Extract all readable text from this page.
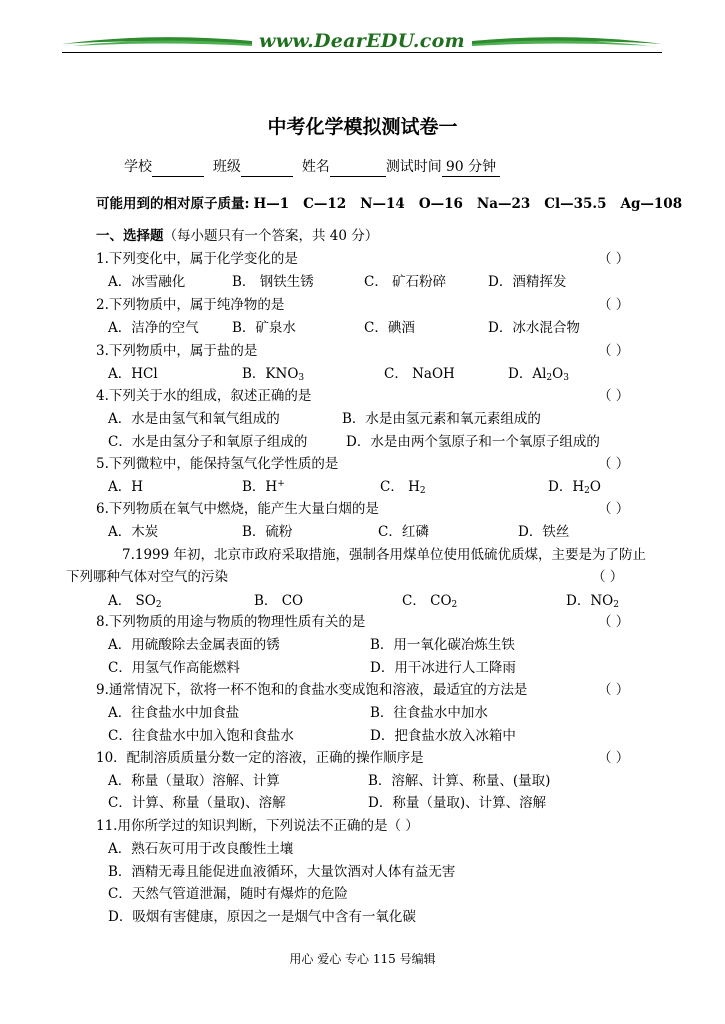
www.DearEDU.com
中考化学模拟测试卷一
学校	班级	姓名	测试时间 90 分钟
可能用到的相对原子质量: H—1 C—12 N—14 O—16 Na—23 Cl—35.5 Ag—108
一、选择题（每小题只有一个答案，共 40 分）
1.下列变化中，属于化学变化的是	（ ）
A．冰雪融化	B． 钢铁生锈	C． 矿石粉碎	D．酒精挥发
2.下列物质中，属于纯净物的是	（ ）
A．洁净的空气 B．矿泉水	C．碘酒	D．冰水混合物
3.下列物质中，属于盐的是	（ ）
A．HCl	B．$KNO_3$	C． NaOH	D．$Al_2O_3$
4.下列关于水的组成，叙述正确的是	（ ）
A．水是由氢气和氧气组成的	B．水是由氢元素和氧元素组成的
C．水是由氢分子和氧原子组成的	D．水是由两个氢原子和一个氧原子组成的
5.下列微粒中，能保持氢气化学性质的是	（ ）
A．H	B．H+	C． $H_2$	D．$H_2O$
6.下列物质在氧气中燃烧，能产生大量白烟的是	（ ）
A．木炭	B．硫粉	C．红磷	D．铁丝
7.1999 年初，北京市政府采取措施，强制各用煤单位使用低硫优质煤，主要是为了防止
下列哪种气体对空气的污染	（ ）
A． $SO_2$	B． CO	C． $CO_2$	D．$NO_2$
8.下列物质的用途与物质的物理性质有关的是	（ ）
A．用硫酸除去金属表面的锈	B．用一氧化碳冶炼生铁
C．用氢气作高能燃料	D．用干冰进行人工降雨
9.通常情况下，欲将一杯不饱和的食盐水变成饱和溶液，最适宜的方法是	（ ）
A．往食盐水中加食盐	B．往食盐水中加水
C．往食盐水中加入饱和食盐水	D．把食盐水放入冰箱中
10．配制溶质质量分数一定的溶液，正确的操作顺序是	（ ）
A．称量（量取）溶解、计算	B．溶解、计算、称量、(量取)
C．计算、称量（量取)、溶解	D．称量（量取)、计算、溶解
11.用你所学过的知识判断，下列说法不正确的是（ ）
A．熟石灰可用于改良酸性土壤
B．酒精无毒且能促进血液循环，大量饮酒对人体有益无害
C．天然气管道泄漏，随时有爆炸的危险
D．吸烟有害健康，原因之一是烟气中含有一氧化碳
用心 爱心 专心 115 号编辑
